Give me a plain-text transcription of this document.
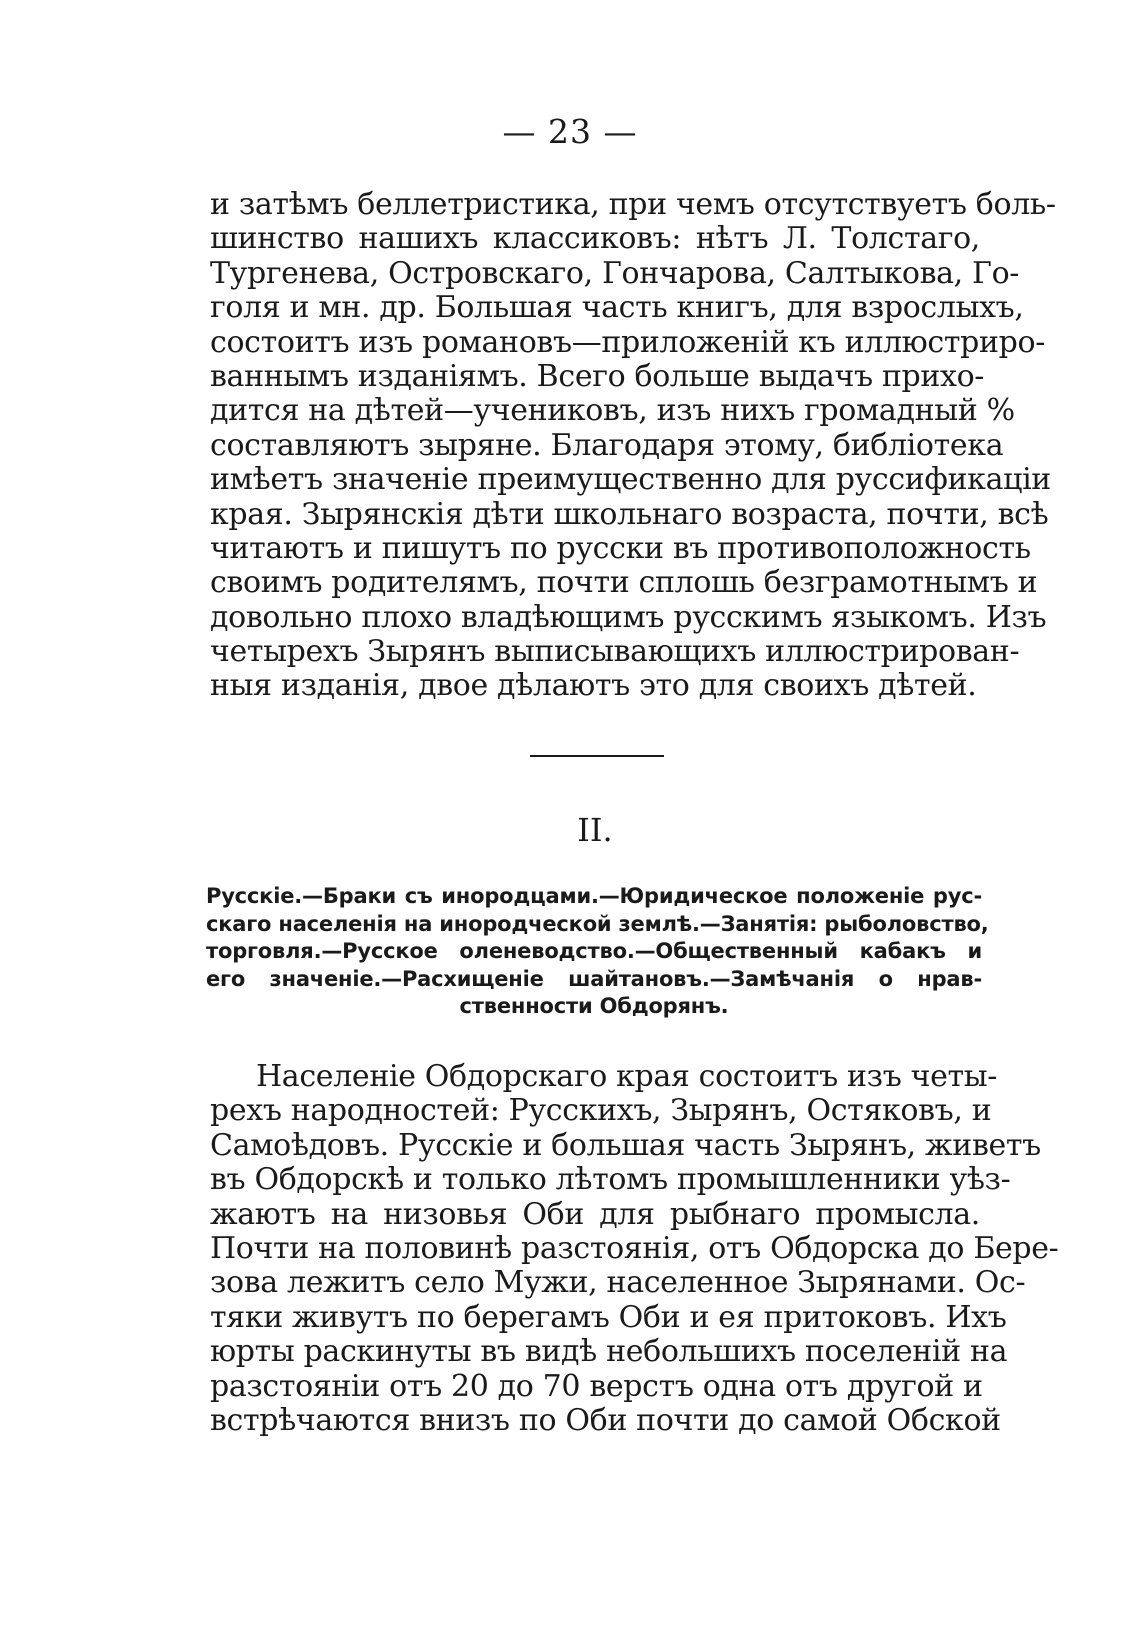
— 23 —
и затѣмъ беллетристика, при чемъ отсутствуетъ боль-
шинство нашихъ классиковъ: нѣтъ Л. Толстаго,
Тургенева, Островскаго, Гончарова, Салтыкова, Го-
голя и мн. др. Большая часть книгъ, для взрослыхъ,
состоитъ изъ романовъ—приложенiй къ иллюстриро-
ваннымъ изданiямъ. Всего больше выдачъ прихо-
дится на дѣтей—учениковъ, изъ нихъ громадный %
составляютъ зыряне. Благодаря этому, библiотека
имѣетъ значенiе преимущественно для руссификацiи
края. Зырянскiя дѣти школьнаго возраста, почти, всѣ
читаютъ и пишутъ по русски въ противоположность
своимъ родителямъ, почти сплошь безграмотнымъ и
довольно плохо владѣющимъ русскимъ языкомъ. Изъ
четырехъ Зырянъ выписывающихъ иллюстрирован-
ныя изданiя, двое дѣлаютъ это для своихъ дѣтей.
II.
Русскiе.—Браки съ инородцами.—Юридическое положенiе рус-
скаго населенiя на инородческой землѣ.—Занятiя: рыболовство,
торговля.—Русское оленеводство.—Общественный кабакъ и
его значенiе.—Расхищенiе шайтановъ.—Замѣчанiя о нрав-
ственности Обдорянъ.
Населенiе Обдорскаго края состоитъ изъ четы-
рехъ народностей: Русскихъ, Зырянъ, Остяковъ, и
Самоѣдовъ. Русскiе и большая часть Зырянъ, живетъ
въ Обдорскѣ и только лѣтомъ промышленники уѣз-
жаютъ на низовья Оби для рыбнаго промысла.
Почти на половинѣ разстоянiя, отъ Обдорска до Бере-
зова лежитъ село Мужи, населенное Зырянами. Ос-
тяки живутъ по берегамъ Оби и ея притоковъ. Ихъ
юрты раскинуты въ видѣ небольшихъ поселенiй на
разстоянiи отъ 20 до 70 верстъ одна отъ другой и
встрѣчаются внизъ по Оби почти до самой Обской
